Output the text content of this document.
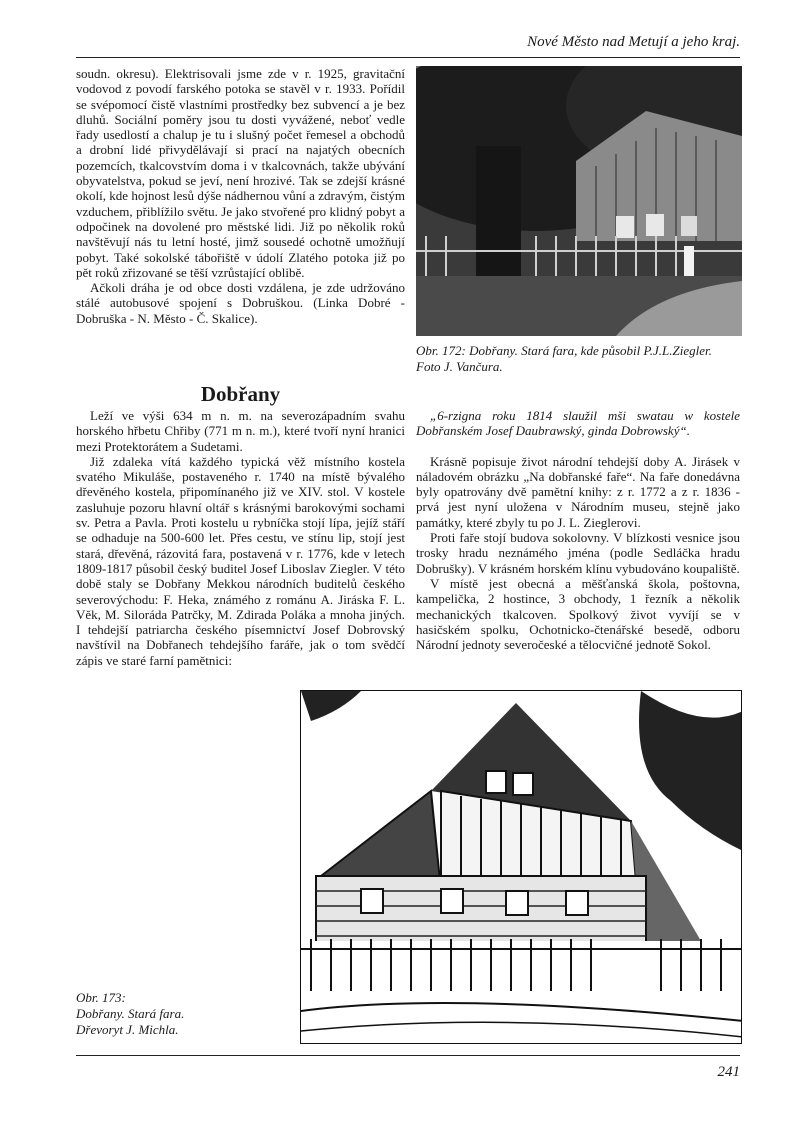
Nové Město nad Metují a jeho kraj.

soudn. okresu). Elektrisovali jsme zde v r. 1925, gravitační vodovod z povodí farského potoka se stavěl v r. 1933. Pořídil se svépomocí čistě vlastními prostředky bez subvencí a je bez dluhů. Sociální poměry jsou tu dosti vyvážené, neboť vedle řady usedlostí a chalup je tu i slušný počet řemesel a obchodů a drobní lidé přivydělávají si prací na najatých obecních pozemcích, tkalcovstvím doma i v tkalcovnách, takže ubývání obyvatelstva, pokud se jeví, není hrozivé. Tak se zdejší krásné okolí, kde hojnost lesů dýše nádhernou vůní a zdravým, čistým vzduchem, přiblížilo světu. Je jako stvořené pro klidný pobyt a odpočinek na dovolené pro městské lidi. Již po několik roků navštěvují nás tu letní hosté, jimž sousedé ochotně umožňují pobyt. Také sokolské tábořiště v údolí Zlatého potoka již po pět roků zřizované se těší vzrůstající oblibě.

Ačkoli dráha je od obce dosti vzdálena, je zde udržováno stálé autobusové spojení s Dobruškou. (Linka Dobré - Dobruška - N. Město - Č. Skalice).

Obr. 172: Dobřany. Stará fara, kde působil P.J.L.Ziegler.
Foto J. Vančura.
Dobřany

Leží ve výši 634 m n. m. na severozápadním svahu horského hřbetu Chřiby (771 m n. m.), které tvoří nyní hranici mezi Protektorátem a Sudetami.

Již zdaleka vítá každého typická věž místního kostela svatého Mikuláše, postaveného r. 1740 na místě bývalého dřevěného kostela, připomínaného již ve XIV. stol. V kostele zasluhuje pozoru hlavní oltář s krásnými barokovými sochami sv. Petra a Pavla. Proti kostelu u rybníčka stojí lípa, jejíž stáří se odhaduje na 500-600 let. Přes cestu, ve stínu lip, stojí jest stará, dřevěná, rázovitá fara, postavená v r. 1776, kde v letech 1809-1817 působil český buditel Josef Liboslav Ziegler. V této době staly se Dobřany Mekkou národních buditelů českého severovýchodu: F. Heka, známého z románu A. Jiráska F. L. Věk, M. Siloráda Patrčky, M. Zdirada Poláka a mnoha jiných. I tehdejší patriarcha českého písemnictví Josef Dobrovský navštívil na Dobřanech tehdejšího faráře, jak o tom svědčí zápis ve staré farní pamětnici:

„6-rzigna roku 1814 slaužil mši swatau w kostele Dobřanském Josef Daubrawský, ginda Dobrowský“.

Krásně popisuje život národní tehdejší doby A. Jirásek v náladovém obrázku „Na dobřanské faře“. Na faře donedávna byly opatrovány dvě pamětní knihy: z r. 1772 a z r. 1836 - prvá jest nyní uložena v Národním museu, stejně jako památky, které zbyly tu po J. L. Zieglerovi.

Proti faře stojí budova sokolovny. V blízkosti vesnice jsou trosky hradu neznámého jména (podle Sedláčka hradu Dobrušky). V krásném horském klínu vybudováno koupaliště.

V místě jest obecná a měšťanská škola, poštovna, kampelička, 2 hostince, 3 obchody, 1 řezník a několik mechanických tkalcoven. Spolkový život vyvíjí se v hasičském spolku, Ochotnicko-čtenářské besedě, odboru Národní jednoty severočeské a tělocvičné jednotě Sokol.

Obr. 173:
Dobřany. Stará fara.
Dřevoryt J. Michla.
241
